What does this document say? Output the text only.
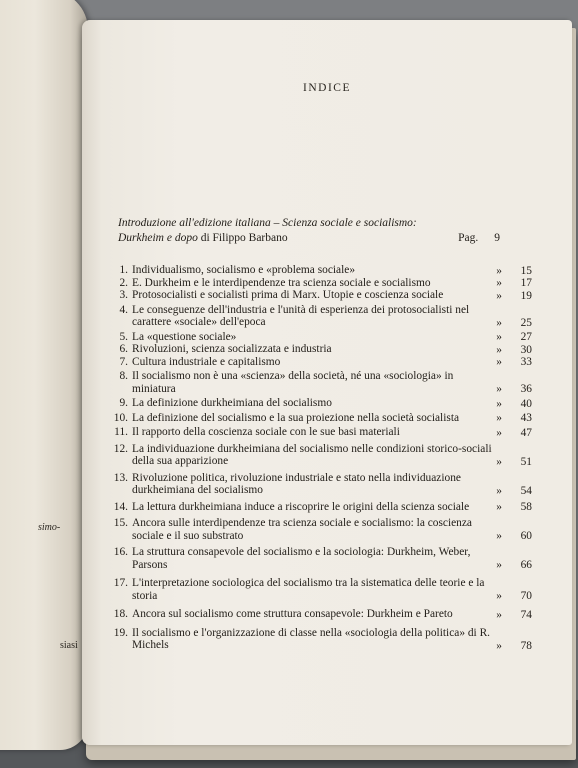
simo-
siasi
INDICE
Introduzione all'edizione italiana – Scienza sociale e socialismo:
Durkheim e dopo di Filippo Barbano	Pag. 9
1. Individualismo, socialismo e «problema sociale»	»	15
2. E. Durkheim e le interdipendenze tra scienza sociale e socialismo	»	17
3. Protosocialisti e socialisti prima di Marx. Utopie e coscienza sociale	»	19
4. Le conseguenze dell'industria e l'unità di esperienza dei protosocialisti nel carattere «sociale» dell'epoca	»	25
5. La «questione sociale»	»	27
6. Rivoluzioni, scienza socializzata e industria	»	30
7. Cultura industriale e capitalismo	»	33
8. Il socialismo non è una «scienza» della società, né una «sociologia» in miniatura	»	36
9. La definizione durkheimiana del socialismo	»	40
10. La definizione del socialismo e la sua proiezione nella società socialista	»	43
11. Il rapporto della coscienza sociale con le sue basi materiali	»	47
12. La individuazione durkheimiana del socialismo nelle condizioni storico-sociali della sua apparizione	»	51
13. Rivoluzione politica, rivoluzione industriale e stato nella individuazione durkheimiana del socialismo	»	54
14. La lettura durkheimiana induce a riscoprire le origini della scienza sociale	»	58
15. Ancora sulle interdipendenze tra scienza sociale e socialismo: la coscienza sociale e il suo substrato	»	60
16. La struttura consapevole del socialismo e la sociologia: Durkheim, Weber, Parsons	»	66
17. L'interpretazione sociologica del socialismo tra la sistematica delle teorie e la storia	»	70
18. Ancora sul socialismo come struttura consapevole: Durkheim e Pareto	»	74
19. Il socialismo e l'organizzazione di classe nella «sociologia della politica» di R. Michels	»	78
